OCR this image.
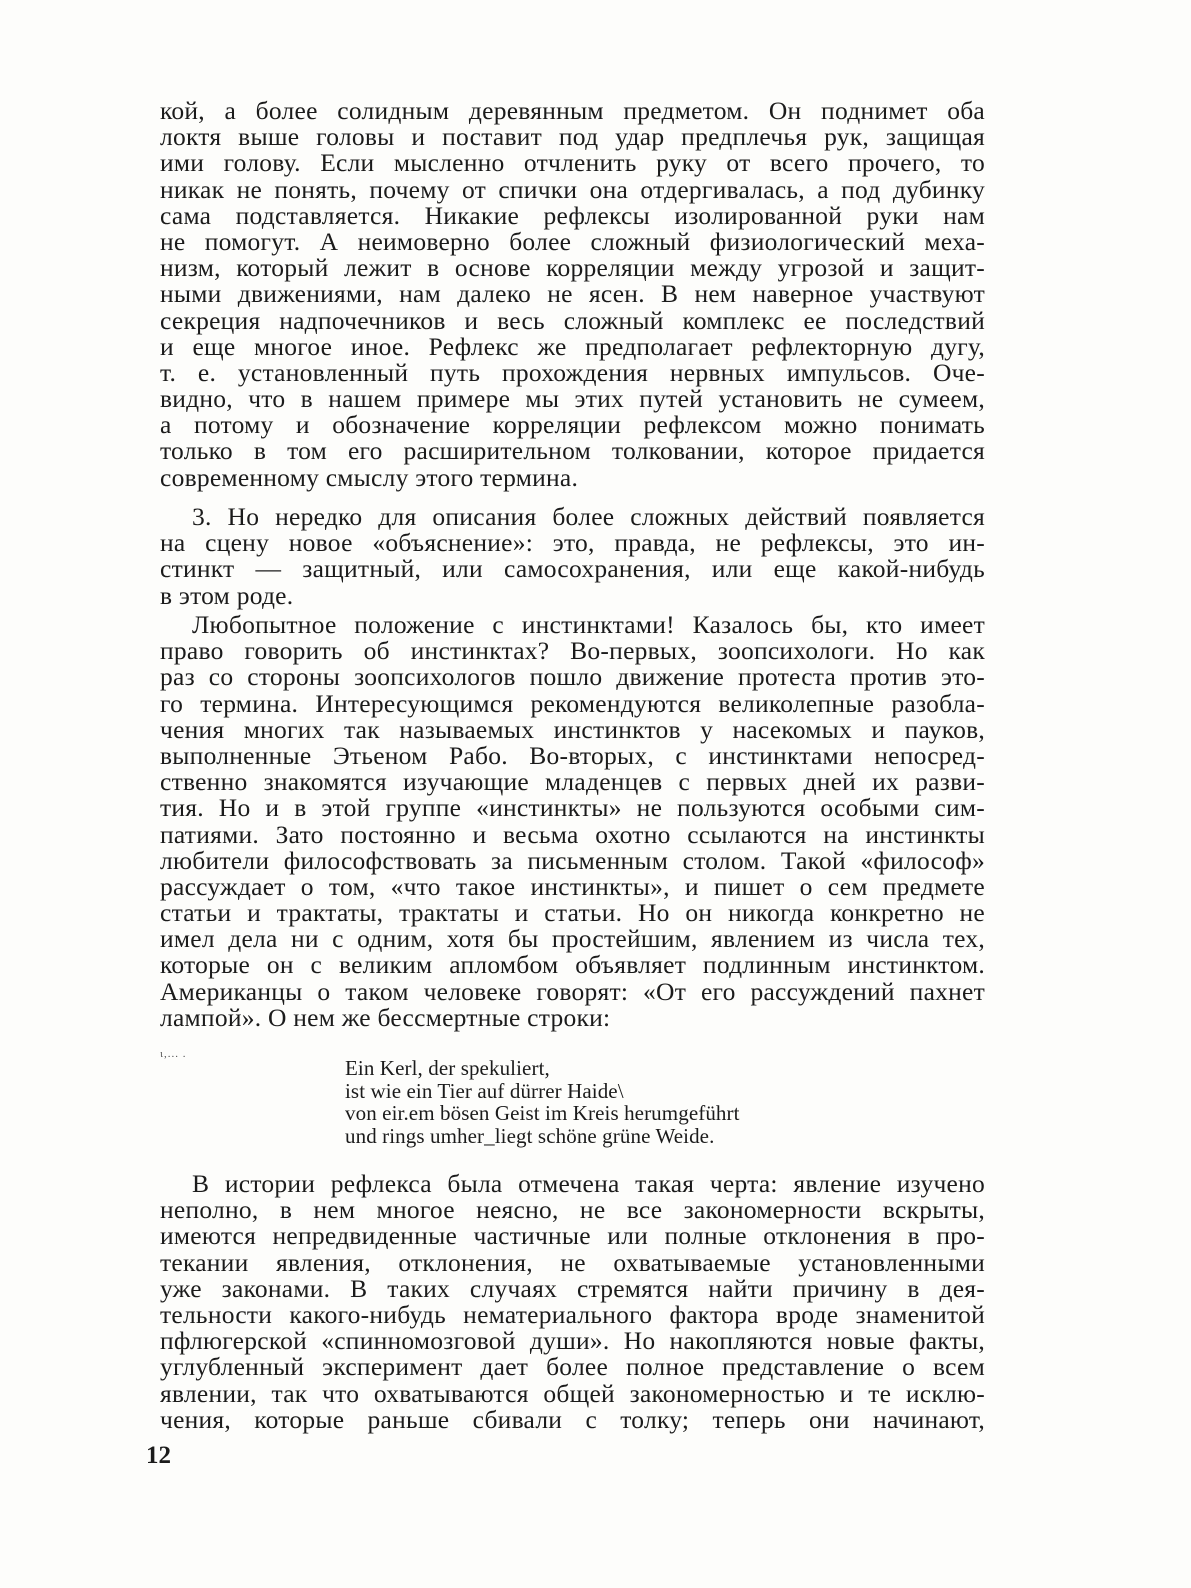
кой, а более солидным деревянным предметом. Он поднимет оба
локтя выше головы и поставит под удар предплечья рук, защищая
ими голову. Если мысленно отчленить руку от всего прочего, то
никак не понять, почему от спички она отдергивалась, а под дубинку
сама подставляется. Никакие рефлексы изолированной руки нам
не помогут. А неимоверно более сложный физиологический меха-
низм, который лежит в основе корреляции между угрозой и защит-
ными движениями, нам далеко не ясен. В нем наверное участвуют
секреция надпочечников и весь сложный комплекс ее последствий
и еще многое иное. Рефлекс же предполагает рефлекторную дугу,
т. е. установленный путь прохождения нервных импульсов. Оче-
видно, что в нашем примере мы этих путей установить не сумеем,
а потому и обозначение корреляции рефлексом можно понимать
только в том его расширительном толковании, которое придается
современному смыслу этого термина.
3. Но нередко для описания более сложных действий появляется
на сцену новое «объяснение»: это, правда, не рефлексы, это ин-
стинкт — защитный, или самосохранения, или еще какой-нибудь
в этом роде.
Любопытное положение с инстинктами! Казалось бы, кто имеет
право говорить об инстинктах? Во-первых, зоопсихологи. Но как
раз со стороны зоопсихологов пошло движение протеста против это-
го термина. Интересующимся рекомендуются великолепные разобла-
чения многих так называемых инстинктов у насекомых и пауков,
выполненные Этьеном Рабо. Во-вторых, с инстинктами непосред-
ственно знакомятся изучающие младенцев с первых дней их разви-
тия. Но и в этой группе «инстинкты» не пользуются особыми сим-
патиями. Зато постоянно и весьма охотно ссылаются на инстинкты
любители философствовать за письменным столом. Такой «философ»
рассуждает о том, «что такое инстинкты», и пишет о сем предмете
статьи и трактаты, трактаты и статьи. Но он никогда конкретно не
имел дела ни с одним, хотя бы простейшим, явлением из числа тех,
которые он с великим апломбом объявляет подлинным инстинктом.
Американцы о таком человеке говорят: «От его рассуждений пахнет
лампой». О нем же бессмертные строки:
ι,... .
Ein Kerl, der spekuliert,
ist wie ein Tier auf dürrer Haide\
von eir.em bösen Geist im Kreis herumgeführt
und rings umher_liegt schöne grüne Weide.
В истории рефлекса была отмечена такая черта: явление изучено
неполно, в нем многое неясно, не все закономерности вскрыты,
имеются непредвиденные частичные или полные отклонения в про-
текании явления, отклонения, не охватываемые установленными
уже законами. В таких случаях стремятся найти причину в дея-
тельности какого-нибудь нематериального фактора вроде знаменитой
пфлюгерской «спинномозговой души». Но накопляются новые факты,
углубленный эксперимент дает более полное представление о всем
явлении, так что охватываются общей закономерностью и те исклю-
чения, которые раньше сбивали с толку; теперь они начинают,
12
